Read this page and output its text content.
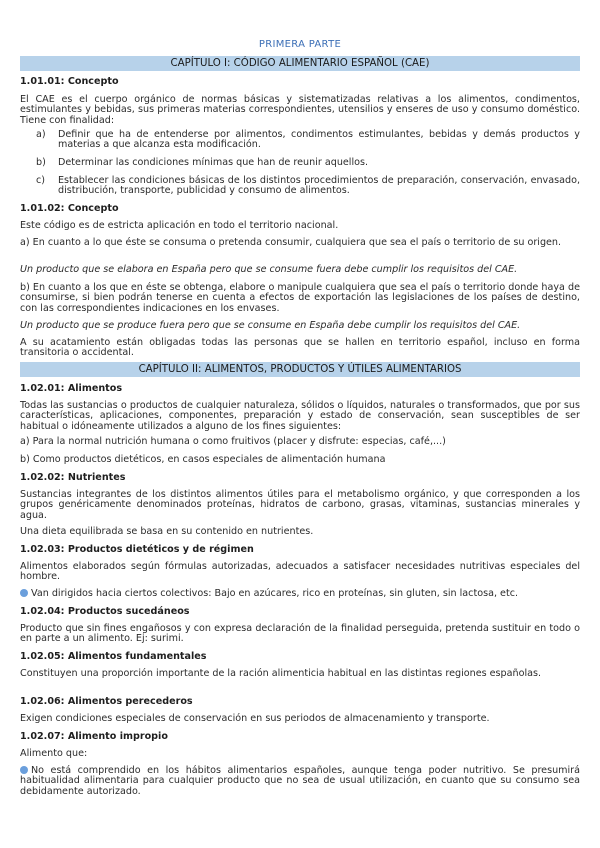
PRIMERA PARTE
CAPÍTULO I: CÓDIGO ALIMENTARIO ESPAÑOL (CAE)
1.01.01: Concepto
El CAE es el cuerpo orgánico de normas básicas y sistematizadas relativas a los alimentos, condimentos, estimulantes y bebidas, sus primeras materias correspondientes, utensilios y enseres de uso y consumo doméstico. Tiene con finalidad:
a)	Definir que ha de entenderse por alimentos, condimentos estimulantes, bebidas y demás productos y materias a que alcanza esta modificación.
b)	Determinar las condiciones mínimas que han de reunir aquellos.
c)	Establecer las condiciones básicas de los distintos procedimientos de preparación, conservación, envasado, distribución, transporte, publicidad y consumo de alimentos.
1.01.02: Concepto
Este código es de estricta aplicación en todo el territorio nacional.
a) En cuanto a lo que éste se consuma o pretenda consumir, cualquiera que sea el país o territorio de su origen.
Un producto que se elabora en España pero que se consume fuera debe cumplir los requisitos del CAE.
b) En cuanto a los que en éste se obtenga, elabore o manipule cualquiera que sea el país o territorio donde haya de consumirse, si bien podrán tenerse en cuenta a efectos de exportación las legislaciones de los países de destino, con las correspondientes indicaciones en los envases.
Un producto que se produce fuera pero que se consume en España debe cumplir los requisitos del CAE.
A su acatamiento están obligadas todas las personas que se hallen en territorio español, incluso en forma transitoria o accidental.
CAPÍTULO II: ALIMENTOS, PRODUCTOS Y ÚTILES ALIMENTARIOS
1.02.01: Alimentos
Todas las sustancias o productos de cualquier naturaleza, sólidos o líquidos, naturales o transformados, que por sus características, aplicaciones, componentes, preparación y estado de conservación, sean susceptibles de ser habitual o idóneamente utilizados a alguno de los fines siguientes:
a) Para la normal nutrición humana o como fruitivos (placer y disfrute: especias, café,...)
b) Como productos dietéticos, en casos especiales de alimentación humana
1.02.02: Nutrientes
Sustancias integrantes de los distintos alimentos útiles para el metabolismo orgánico, y que corresponden a los grupos genéricamente denominados proteínas, hidratos de carbono, grasas, vitaminas, sustancias minerales y agua.
Una dieta equilibrada se basa en su contenido en nutrientes.
1.02.03: Productos dietéticos y de régimen
Alimentos elaborados según fórmulas autorizadas, adecuados a satisfacer necesidades nutritivas especiales del hombre.
Van dirigidos hacia ciertos colectivos: Bajo en azúcares, rico en proteínas, sin gluten, sin lactosa, etc.
1.02.04: Productos sucedáneos
Producto que sin fines engañosos y con expresa declaración de la finalidad perseguida, pretenda sustituir en todo o en parte a un alimento. Ej: surimi.
1.02.05: Alimentos fundamentales
Constituyen una proporción importante de la ración alimenticia habitual en las distintas regiones españolas.
1.02.06: Alimentos perecederos
Exigen condiciones especiales de conservación en sus periodos de almacenamiento y transporte.
1.02.07: Alimento impropio
Alimento que:
No está comprendido en los hábitos alimentarios españoles, aunque tenga poder nutritivo. Se presumirá habitualidad alimentaria para cualquier producto que no sea de usual utilización, en cuanto que su consumo sea debidamente autorizado.
